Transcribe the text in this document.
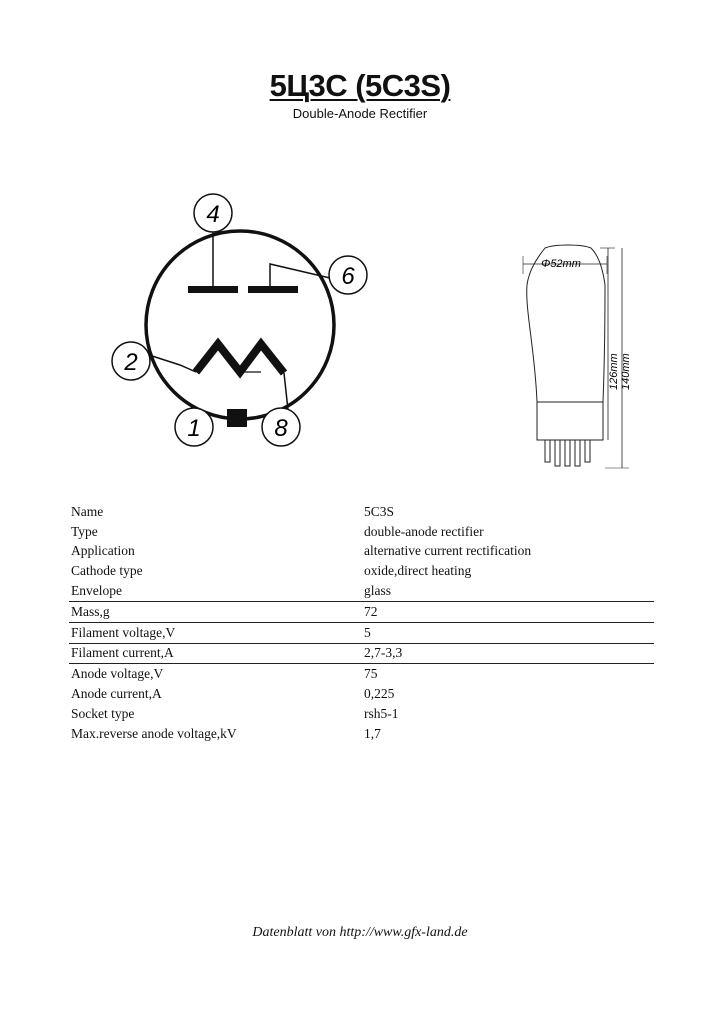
5Ц3С (5С3S)
Double-Anode Rectifier
4
6
2
1	8
Φ52mm
126mm 140mm
Name	5C3S
Type	double-anode rectifier
Application	alternative current rectification
Cathode type	oxide,direct heating
Envelope	glass
Mass,g	72
Filament voltage,V	5
Filament current,A	2,7-3,3
Anode voltage,V	75
Anode current,A	0,225
Socket type	rsh5-1
Max.reverse anode voltage,kV	1,7
Datenblatt von http://www.gfx-land.de
